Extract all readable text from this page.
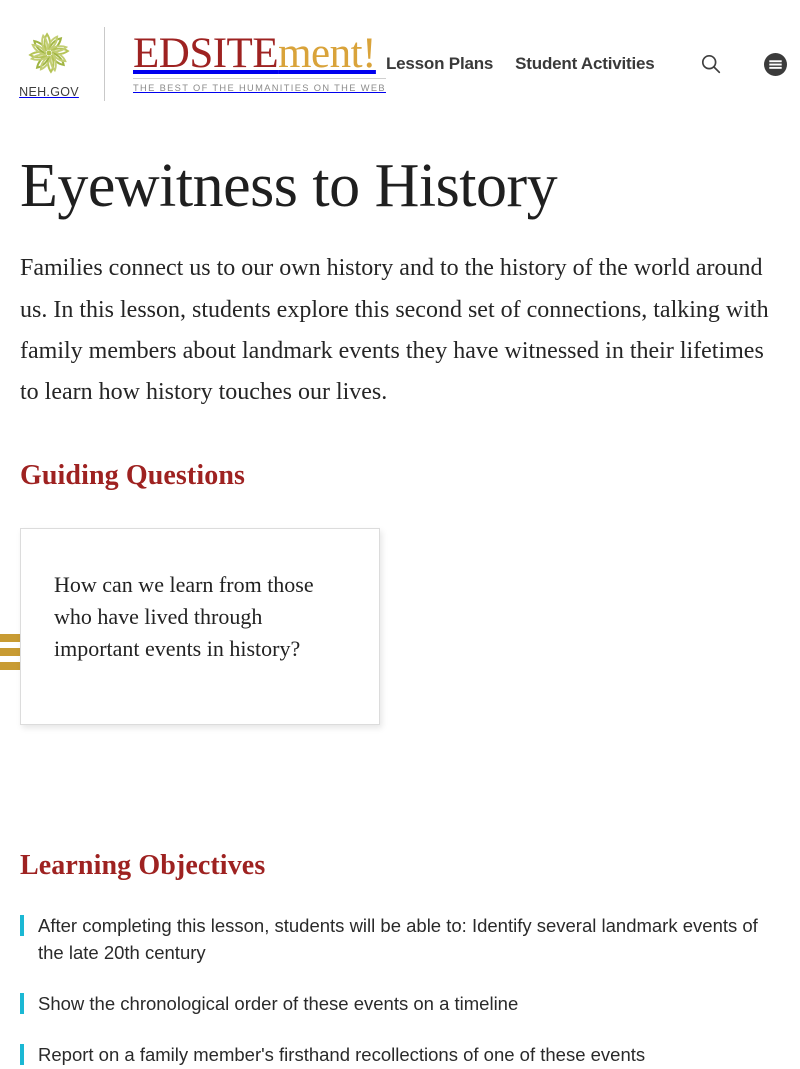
NEH.GOV
EDSITEment!
THE BEST OF THE HUMANITIES ON THE WEB
Lesson Plans Student Activities
Eyewitness to History

Families connect us to our own history and to the history of the world around us. In this lesson, students explore this second set of connections, talking with family members about landmark events they have witnessed in their lifetimes to learn how history touches our lives.

Guiding Questions

How can we learn from those who have lived through important events in history?

Learning Objectives
After completing this lesson, students will be able to: Identify several landmark events of the late 20th century
Show the chronological order of these events on a timeline
Report on a family member's firsthand recollections of one of these events
